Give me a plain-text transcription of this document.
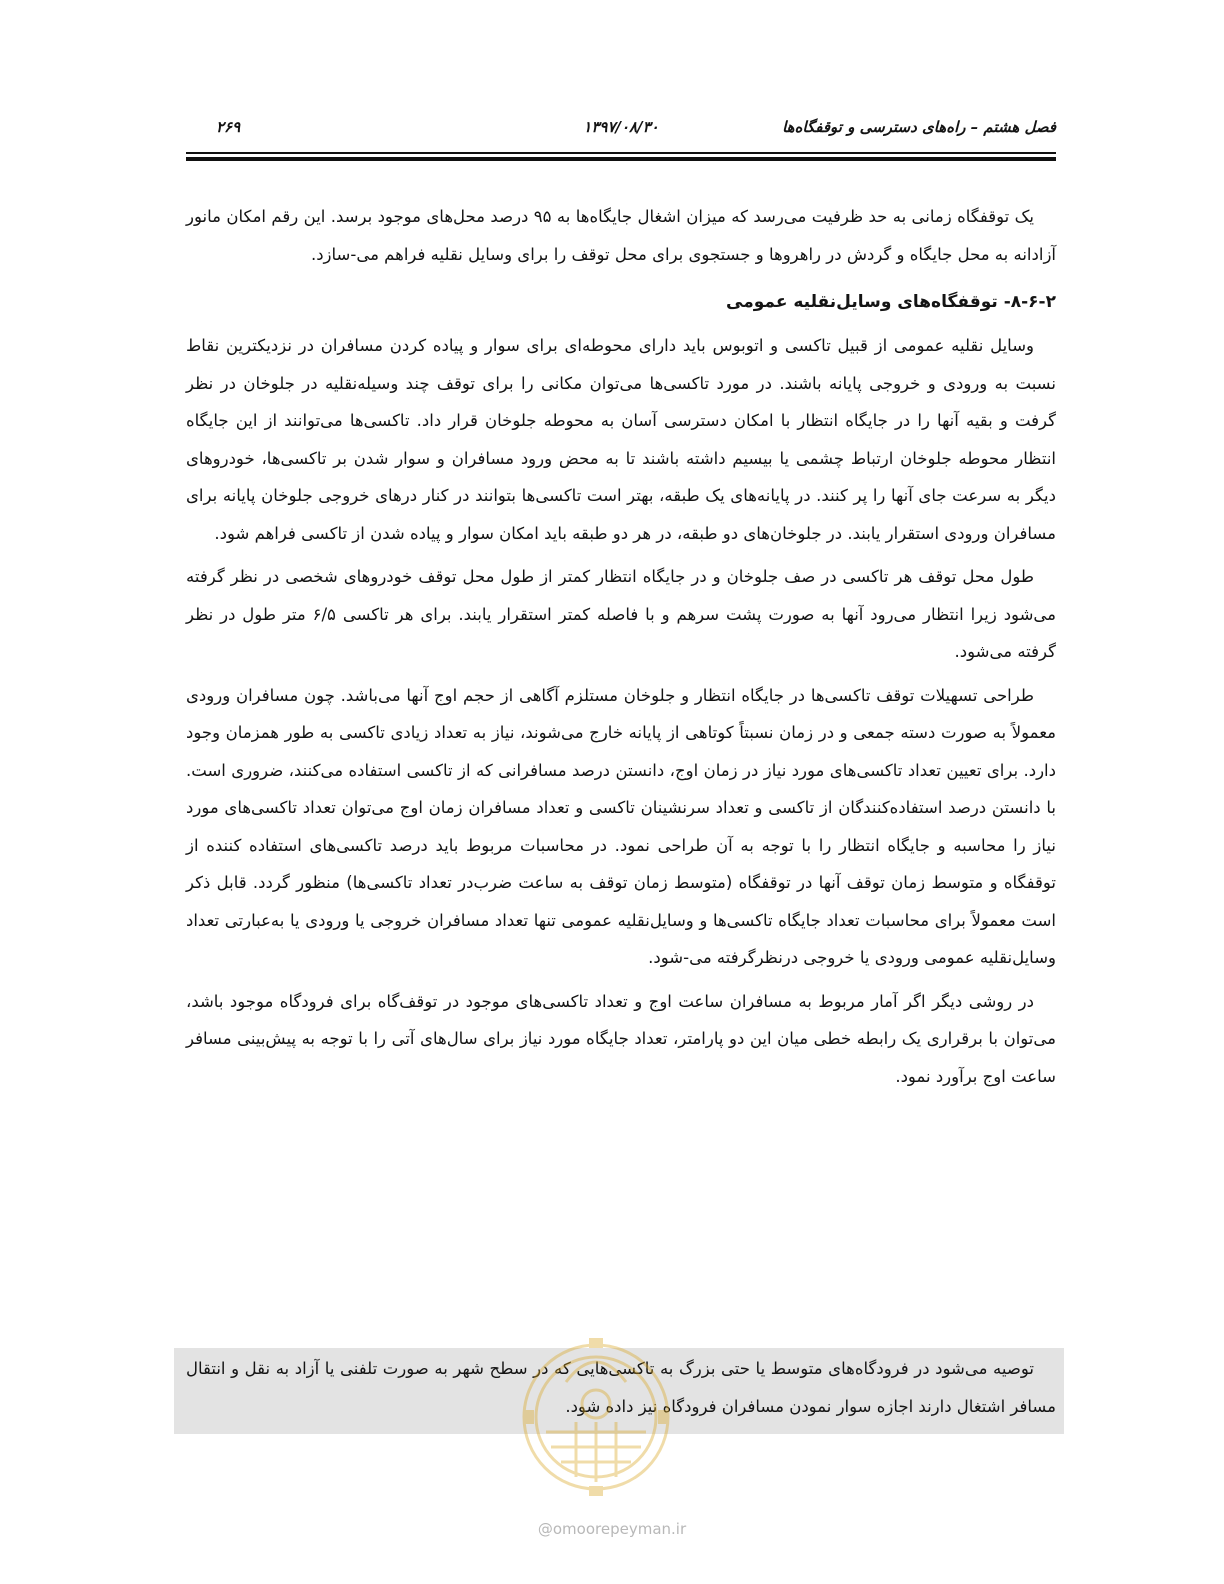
فصل هشتم – راه‌های دسترسی و توقفگاه‌ها
۱۳۹۷/۰۸/۳۰
۲۶۹

یک توقفگاه زمانی به حد ظرفیت می‌رسد که میزان اشغال جایگاه‌ها به ۹۵ درصد محل‌های موجود برسد. این رقم امکان مانور آزادانه به محل جایگاه و گردش در راهروها و جستجوی برای محل توقف را برای وسایل نقلیه فراهم می-سازد.

۸-۶-۲- توقفگاه‌های وسایل‌نقلیه عمومی

وسایل نقلیه عمومی از قبیل تاکسی و اتوبوس باید دارای محوطه‌ای برای سوار و پیاده کردن مسافران در نزدیکترین نقاط نسبت به ورودی و خروجی پایانه باشند. در مورد تاکسی‌ها می‌توان مکانی را برای توقف چند وسیله‌نقلیه در جلوخان در نظر گرفت و بقیه آنها را در جایگاه انتظار با امکان دسترسی آسان به محوطه جلوخان قرار داد. تاکسی‌ها می‌توانند از این جایگاه انتظار محوطه جلوخان ارتباط چشمی یا بیسیم داشته باشند تا به محض ورود مسافران و سوار شدن بر تاکسی‌ها، خودروهای دیگر به سرعت جای آنها را پر کنند. در پایانه‌های یک طبقه، بهتر است تاکسی‌ها بتوانند در کنار درهای خروجی جلوخان پایانه برای مسافران ورودی استقرار یابند. در جلوخان‌های دو طبقه، در هر دو طبقه باید امکان سوار و پیاده شدن از تاکسی فراهم شود.

طول محل توقف هر تاکسی در صف جلوخان و در جایگاه انتظار کمتر از طول محل توقف خودروهای شخصی در نظر گرفته می‌شود زیرا انتظار می‌رود آنها به صورت پشت سرهم و با فاصله کمتر استقرار یابند. برای هر تاکسی ۶/۵ متر طول در نظر گرفته می‌شود.

طراحی تسهیلات توقف تاکسی‌ها در جایگاه انتظار و جلوخان مستلزم آگاهی از حجم اوج آنها می‌باشد. چون مسافران ورودی معمولاً به صورت دسته جمعی و در زمان نسبتاً کوتاهی از پایانه خارج می‌شوند، نیاز به تعداد زیادی تاکسی به طور همزمان وجود دارد. برای تعیین تعداد تاکسی‌های مورد نیاز در زمان اوج، دانستن درصد مسافرانی که از تاکسی استفاده می‌کنند، ضروری است. با دانستن درصد استفاده‌کنندگان از تاکسی و تعداد سرنشینان تاکسی و تعداد مسافران زمان اوج می‌توان تعداد تاکسی‌های مورد نیاز را محاسبه و جایگاه انتظار را با توجه به آن طراحی نمود. در محاسبات مربوط باید درصد تاکسی‌های استفاده کننده از توقفگاه و متوسط زمان توقف آنها در توقفگاه (متوسط زمان توقف به ساعت ضرب‌در تعداد تاکسی‌ها) منظور گردد. قابل ذکر است معمولاً برای محاسبات تعداد جایگاه تاکسی‌ها و وسایل‌نقلیه عمومی تنها تعداد مسافران خروجی یا ورودی یا به‌عبارتی تعداد وسایل‌نقلیه عمومی ورودی یا خروجی درنظرگرفته می-شود.

در روشی دیگر اگر آمار مربوط به مسافران ساعت اوج و تعداد تاکسی‌های موجود در توقف‌گاه برای فرودگاه موجود باشد، می‌توان با برقراری یک رابطه خطی میان این دو پارامتر، تعداد جایگاه مورد نیاز برای سال‌های آتی را با توجه به پیش‌بینی مسافر ساعت اوج برآورد نمود.

توصیه می‌شود در فرودگاه‌های متوسط یا حتی بزرگ به تاکسی‌هایی که در سطح شهر به صورت تلفنی یا آزاد به نقل و انتقال مسافر اشتغال دارند اجازه سوار نمودن مسافران فرودگاه نیز داده شود.

@omoorepeyman.ir
